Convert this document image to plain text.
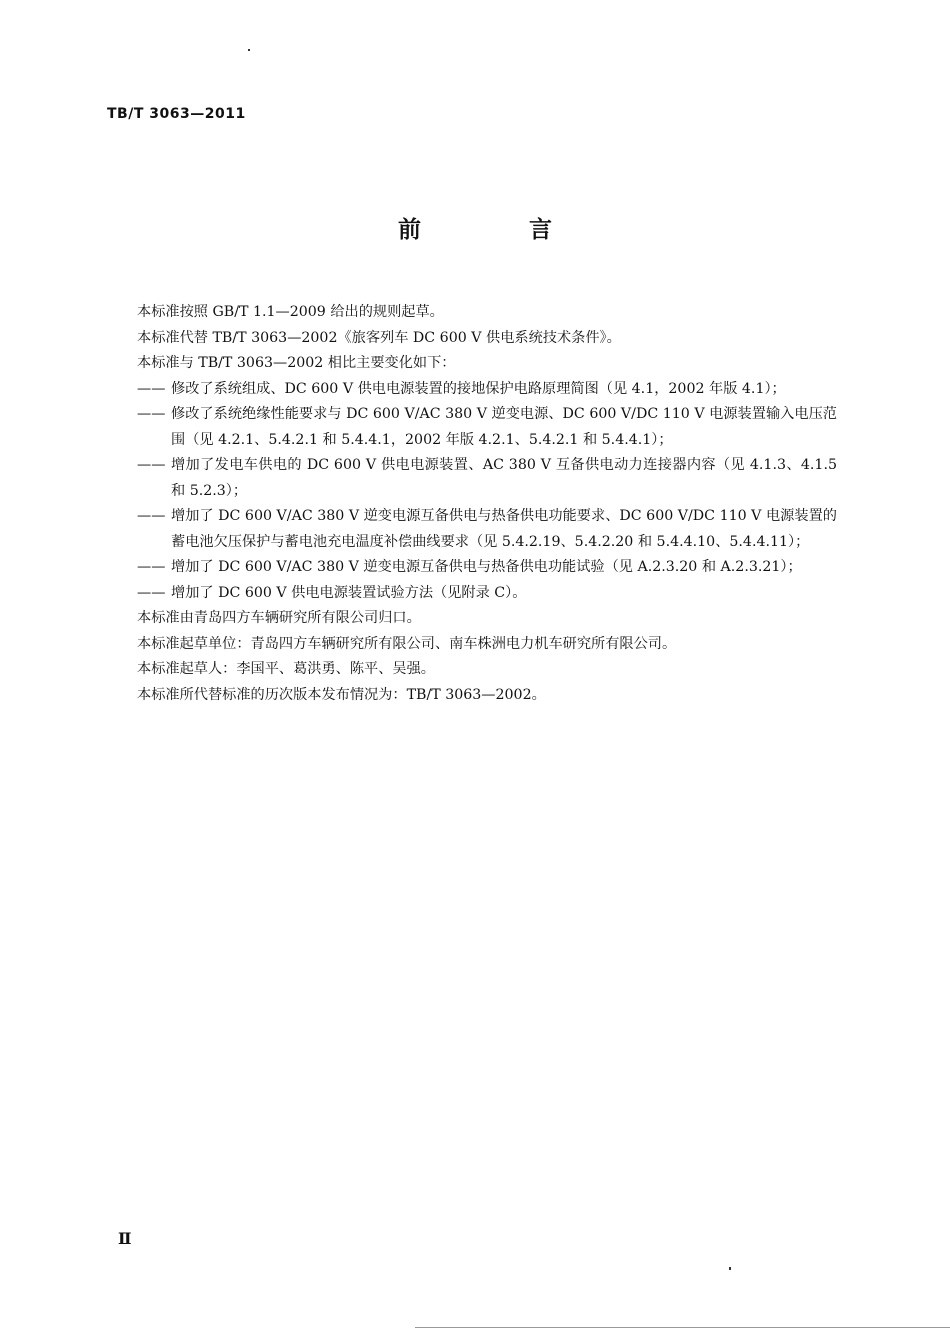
TB/T 3063—2011
前 言
本标准按照 GB/T 1.1—2009 给出的规则起草。
本标准代替 TB/T 3063—2002《旅客列车 DC 600 V 供电系统技术条件》。
本标准与 TB/T 3063—2002 相比主要变化如下：
—— 修改了系统组成、DC 600 V 供电电源装置的接地保护电路原理简图（见 4.1，2002 年版 4.1）；
—— 修改了系统绝缘性能要求与 DC 600 V/AC 380 V 逆变电源、DC 600 V/DC 110 V 电源装置输入电压范围（见 4.2.1、5.4.2.1 和 5.4.4.1，2002 年版 4.2.1、5.4.2.1 和 5.4.4.1）；
—— 增加了发电车供电的 DC 600 V 供电电源装置、AC 380 V 互备供电动力连接器内容（见 4.1.3、4.1.5 和 5.2.3）；
—— 增加了 DC 600 V/AC 380 V 逆变电源互备供电与热备供电功能要求、DC 600 V/DC 110 V 电源装置的蓄电池欠压保护与蓄电池充电温度补偿曲线要求（见 5.4.2.19、5.4.2.20 和 5.4.4.10、5.4.4.11）；
—— 增加了 DC 600 V/AC 380 V 逆变电源互备供电与热备供电功能试验（见 A.2.3.20 和 A.2.3.21）；
—— 增加了 DC 600 V 供电电源装置试验方法（见附录 C）。
本标准由青岛四方车辆研究所有限公司归口。
本标准起草单位：青岛四方车辆研究所有限公司、南车株洲电力机车研究所有限公司。
本标准起草人：李国平、葛洪勇、陈平、吴强。
本标准所代替标准的历次版本发布情况为：TB/T 3063—2002。
Ⅱ
